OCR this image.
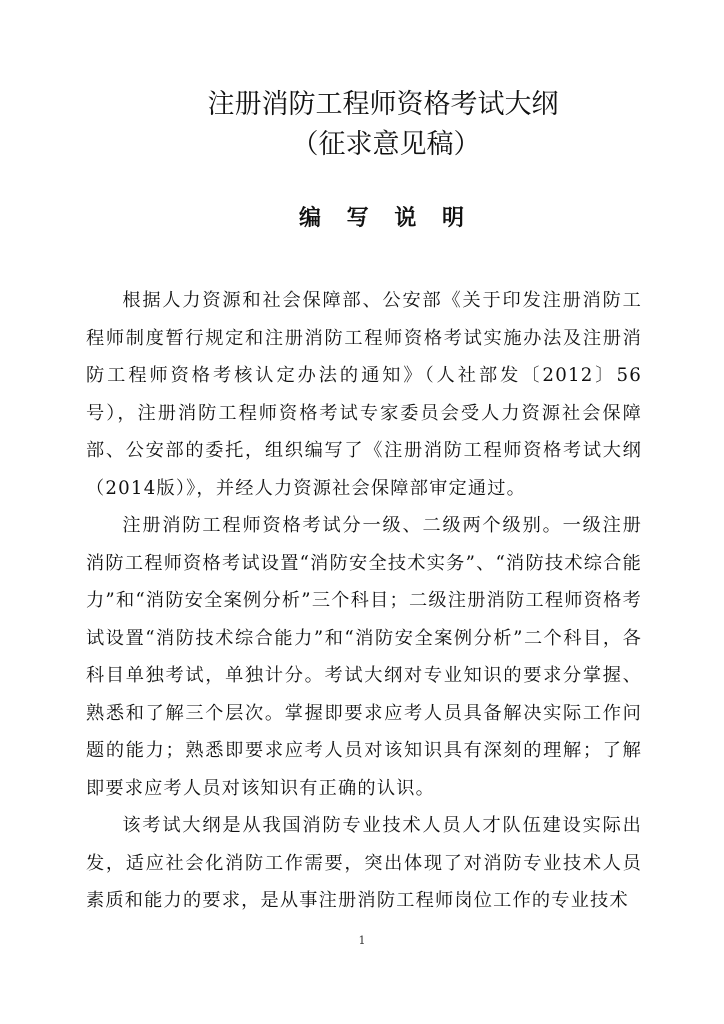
注册消防工程师资格考试大纲
（征求意见稿）
编 写 说 明

根据人力资源和社会保障部、公安部《关于印发注册消防工程师制度暂行规定和注册消防工程师资格考试实施办法及注册消防工程师资格考核认定办法的通知》（人社部发〔2012〕56 号），注册消防工程师资格考试专家委员会受人力资源社会保障部、公安部的委托，组织编写了《注册消防工程师资格考试大纲（2014版）》，并经人力资源社会保障部审定通过。

注册消防工程师资格考试分一级、二级两个级别。一级注册消防工程师资格考试设置“消防安全技术实务”、“消防技术综合能力”和“消防安全案例分析”三个科目；二级注册消防工程师资格考试设置“消防技术综合能力”和“消防安全案例分析”二个科目，各科目单独考试，单独计分。考试大纲对专业知识的要求分掌握、熟悉和了解三个层次。掌握即要求应考人员具备解决实际工作问题的能力；熟悉即要求应考人员对该知识具有深刻的理解；了解即要求应考人员对该知识有正确的认识。

该考试大纲是从我国消防专业技术人员人才队伍建设实际出发，适应社会化消防工作需要，突出体现了对消防专业技术人员素质和能力的要求，是从事注册消防工程师岗位工作的专业技术

1
